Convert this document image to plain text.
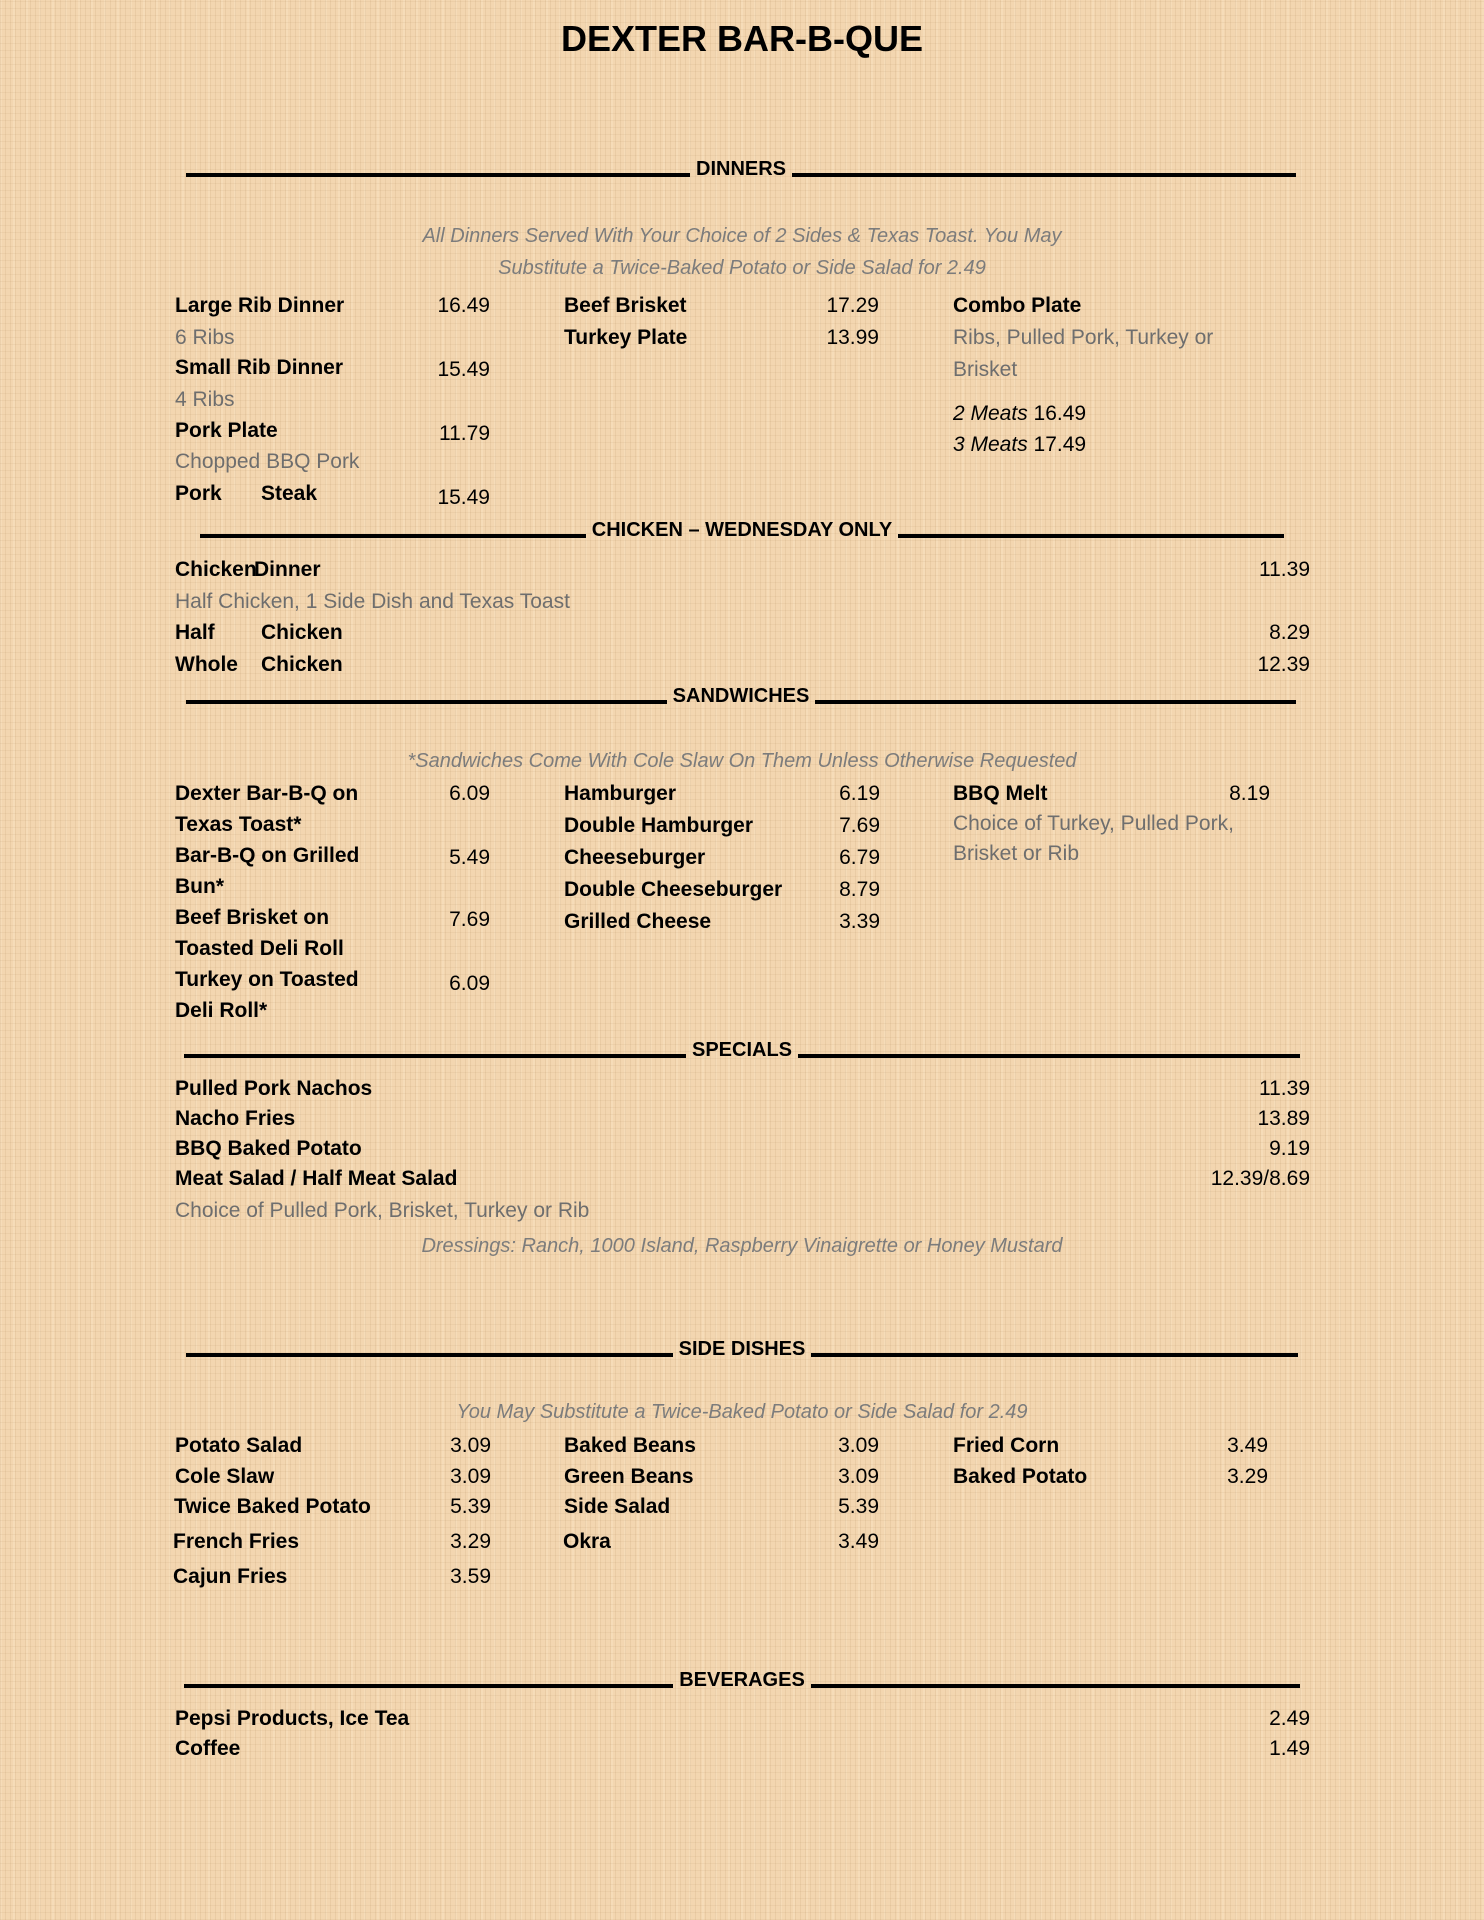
DEXTER BAR-B-QUE
DINNERS
All Dinners Served With Your Choice of 2 Sides & Texas Toast. You May
Substitute a Twice-Baked Potato or Side Salad for 2.49
Large Rib Dinner	16.49
6 Ribs
Small Rib Dinner	15.49
4 Ribs
Pork Plate	11.79
Chopped BBQ Pork
Pork Steak	15.49
Beef Brisket	17.29
Turkey Plate	13.99
Combo Plate
Ribs, Pulled Pork, Turkey or
Brisket
2 Meats 16.49
3 Meats 17.49
CHICKEN – WEDNESDAY ONLY
Chicken
Dinner	11.39
Half Chicken, 1 Side Dish and Texas Toast
Half Chicken	8.29
Whole Chicken	12.39
SANDWICHES
*Sandwiches Come With Cole Slaw On Them Unless Otherwise Requested
Dexter Bar-B-Q on
Texas Toast*
6.09
Bar-B-Q on Grilled
Bun*
5.49
Beef Brisket on
Toasted Deli Roll
7.69
Turkey on Toasted
Deli Roll*
6.09
Hamburger	6.19
Double Hamburger	7.69
Cheeseburger	6.79
Double Cheeseburger	8.79
Grilled Cheese	3.39
BBQ Melt	8.19
Choice of Turkey, Pulled Pork,
Brisket or Rib
SPECIALS
Pulled Pork Nachos	11.39
Nacho Fries	13.89
BBQ Baked Potato	9.19
Meat Salad / Half Meat Salad	12.39/8.69
Choice of Pulled Pork, Brisket, Turkey or Rib
Dressings: Ranch, 1000 Island, Raspberry Vinaigrette or Honey Mustard
SIDE DISHES
You May Substitute a Twice-Baked Potato or Side Salad for 2.49
Potato Salad	3.09
Cole Slaw	3.09
Twice Baked Potato	5.39
French Fries	3.29
Cajun Fries	3.59
Baked Beans	3.09
Green Beans	3.09
Side Salad	5.39
Okra	3.49
Fried Corn	3.49
Baked Potato	3.29
BEVERAGES
Pepsi Products, Ice Tea	2.49
Coffee	1.49
